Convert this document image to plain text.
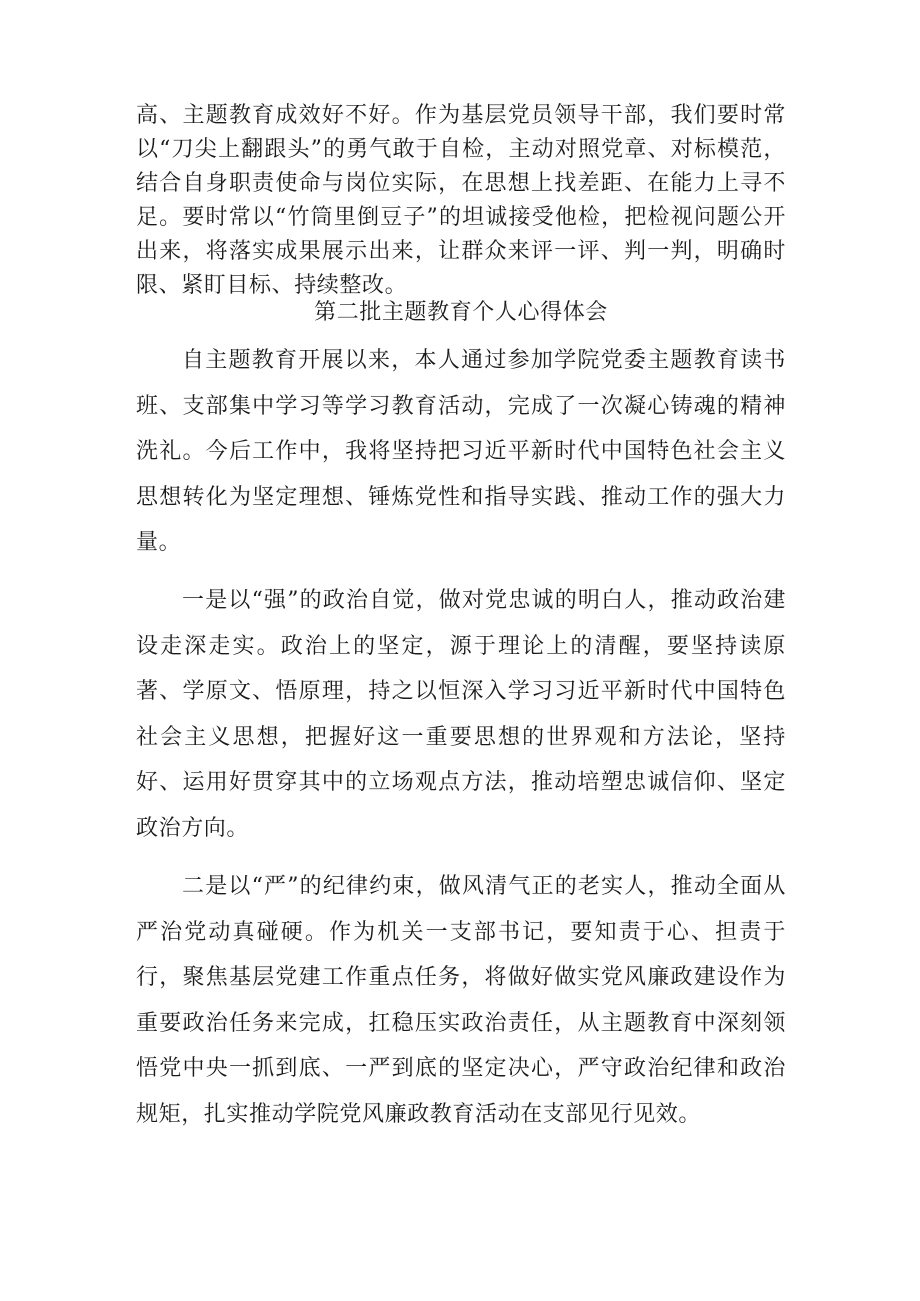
高、主题教育成效好不好。作为基层党员领导干部，我们要时常以“刀尖上翻跟头”的勇气敢于自检，主动对照党章、对标模范，结合自身职责使命与岗位实际，在思想上找差距、在能力上寻不足。要时常以“竹筒里倒豆子”的坦诚接受他检，把检视问题公开出来，将落实成果展示出来，让群众来评一评、判一判，明确时限、紧盯目标、持续整改。

第二批主题教育个人心得体会

自主题教育开展以来，本人通过参加学院党委主题教育读书班、支部集中学习等学习教育活动，完成了一次凝心铸魂的精神洗礼。今后工作中，我将坚持把习近平新时代中国特色社会主义思想转化为坚定理想、锤炼党性和指导实践、推动工作的强大力量。

一是以“强”的政治自觉，做对党忠诚的明白人，推动政治建设走深走实。政治上的坚定，源于理论上的清醒，要坚持读原著、学原文、悟原理，持之以恒深入学习习近平新时代中国特色社会主义思想，把握好这一重要思想的世界观和方法论，坚持好、运用好贯穿其中的立场观点方法，推动培塑忠诚信仰、坚定政治方向。

二是以“严”的纪律约束，做风清气正的老实人，推动全面从严治党动真碰硬。作为机关一支部书记，要知责于心、担责于行，聚焦基层党建工作重点任务，将做好做实党风廉政建设作为重要政治任务来完成，扛稳压实政治责任，从主题教育中深刻领悟党中央一抓到底、一严到底的坚定决心，严守政治纪律和政治规矩，扎实推动学院党风廉政教育活动在支部见行见效。
